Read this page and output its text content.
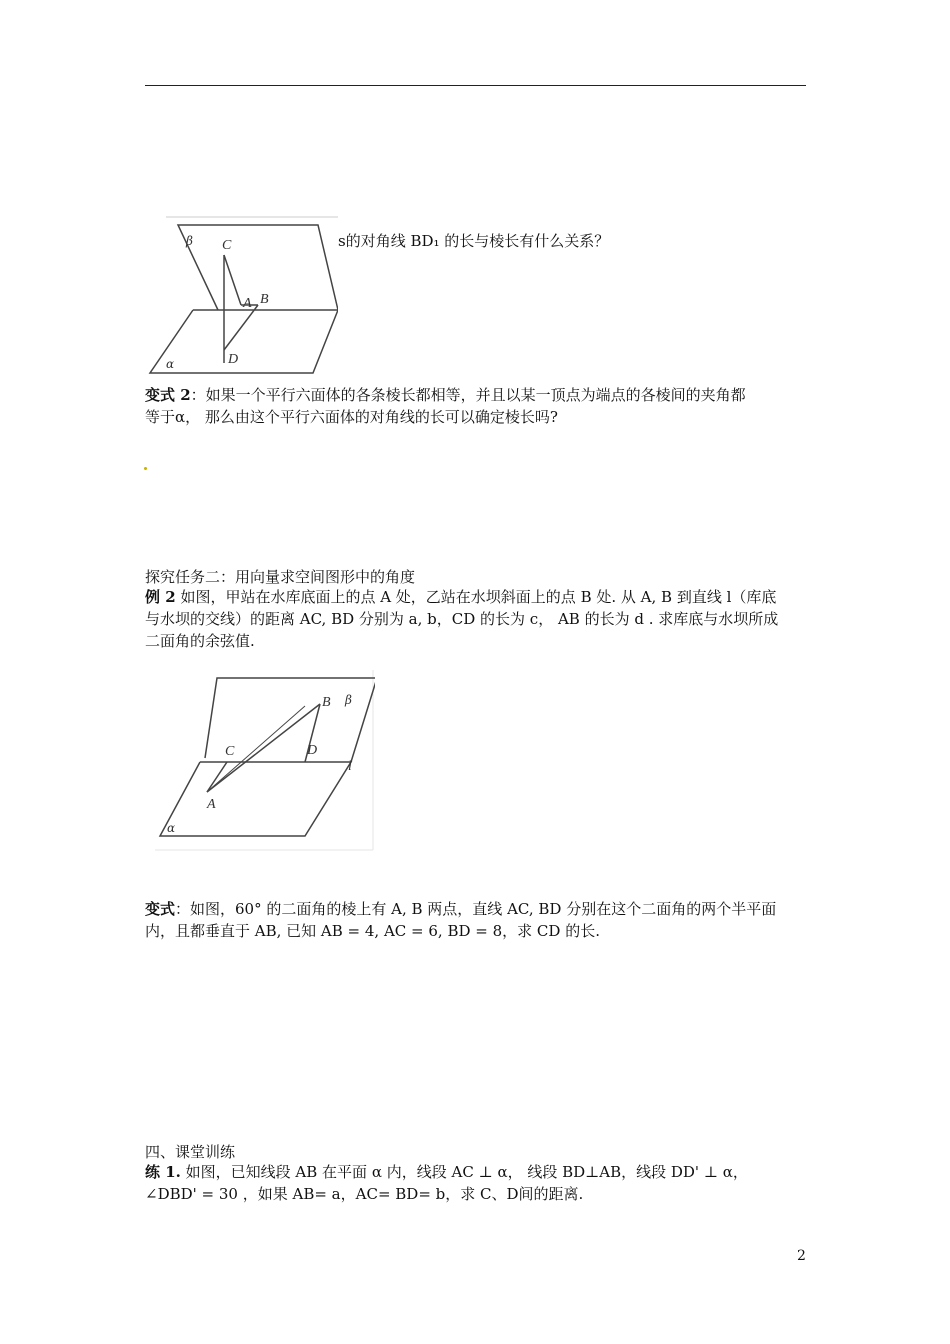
β C
A B
α	D
s的对角线 BD₁ 的长与棱长有什么关系？
变式 2：如果一个平行六面体的各条棱长都相等，并且以某一顶点为端点的各棱间的夹角都
等于α， 那么由这个平行六面体的对角线的长可以确定棱长吗?
探究任务二：用向量求空间图形中的角度
例 2 如图，甲站在水库底面上的点 A 处，乙站在水坝斜面上的点 B 处. 从 A, B 到直线 l（库底
与水坝的交线）的距离 AC, BD 分别为 a, b，CD 的长为 c， AB 的长为 d . 求库底与水坝所成
二面角的余弦值.
B β
C	D
l
A
α
变式：如图，60° 的二面角的棱上有 A, B 两点，直线 AC, BD 分别在这个二面角的两个半平面
内，且都垂直于 AB, 已知 AB = 4, AC = 6, BD = 8，求 CD 的长.
四、课堂训练
练 1. 如图，已知线段 AB 在平面 α 内，线段 AC ⊥ α， 线段 BD⊥AB，线段 DD' ⊥ α，
∠DBD' = 30 ，如果 AB= a，AC= BD= b，求 C、D间的距离.
2
